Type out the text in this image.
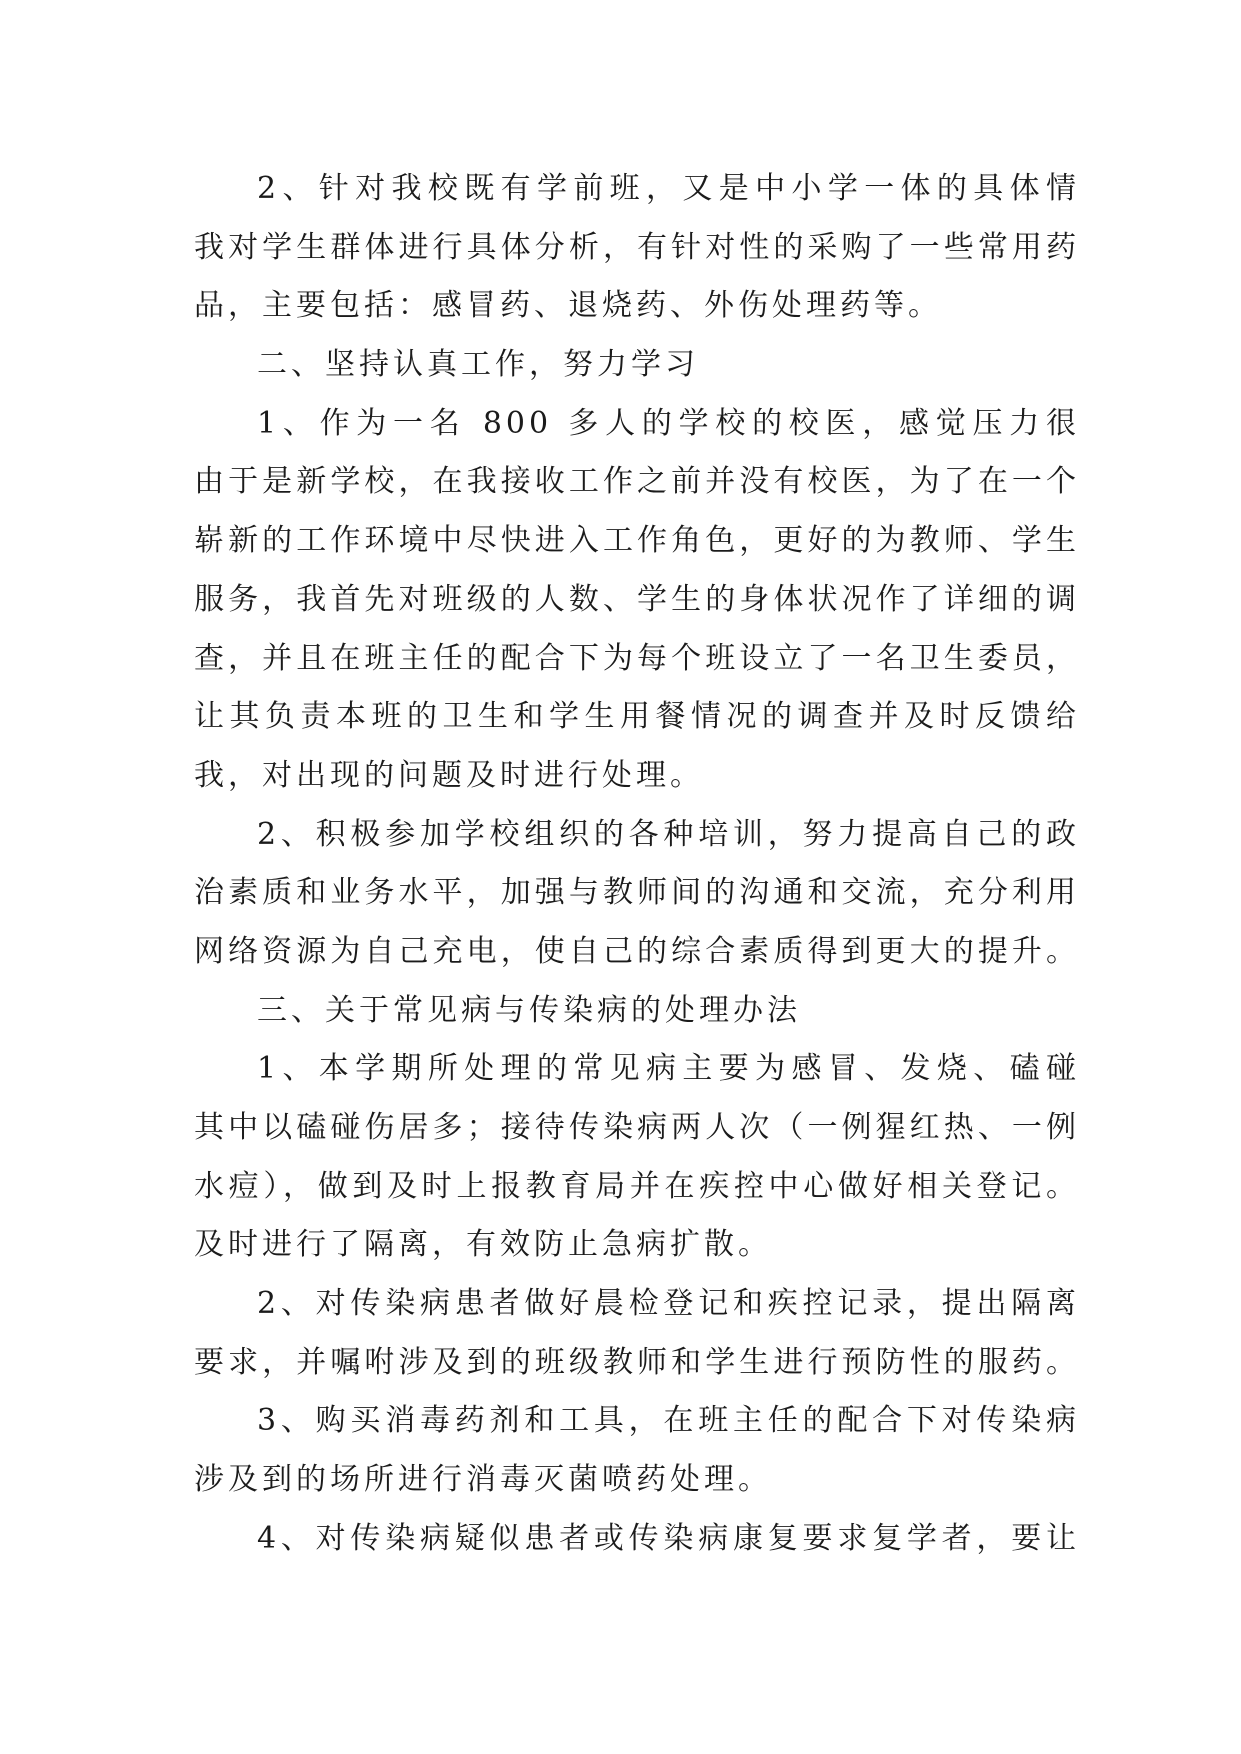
2、针对我校既有学前班，又是中小学一体的具体情
我对学生群体进行具体分析，有针对性的采购了一些常用药
品，主要包括：感冒药、退烧药、外伤处理药等。
二、坚持认真工作，努力学习
1、作为一名 800 多人的学校的校医，感觉压力很
由于是新学校，在我接收工作之前并没有校医，为了在一个
崭新的工作环境中尽快进入工作角色，更好的为教师、学生
服务，我首先对班级的人数、学生的身体状况作了详细的调
查，并且在班主任的配合下为每个班设立了一名卫生委员，
让其负责本班的卫生和学生用餐情况的调查并及时反馈给
我，对出现的问题及时进行处理。
2、积极参加学校组织的各种培训，努力提高自己的政
治素质和业务水平，加强与教师间的沟通和交流，充分利用
网络资源为自己充电，使自己的综合素质得到更大的提升。
三、关于常见病与传染病的处理办法
1、本学期所处理的常见病主要为感冒、发烧、磕碰
其中以磕碰伤居多；接待传染病两人次（一例猩红热、一例
水痘），做到及时上报教育局并在疾控中心做好相关登记。
及时进行了隔离，有效防止急病扩散。
2、对传染病患者做好晨检登记和疾控记录，提出隔离
要求，并嘱咐涉及到的班级教师和学生进行预防性的服药。
3、购买消毒药剂和工具，在班主任的配合下对传染病
涉及到的场所进行消毒灭菌喷药处理。
4、对传染病疑似患者或传染病康复要求复学者，要让
